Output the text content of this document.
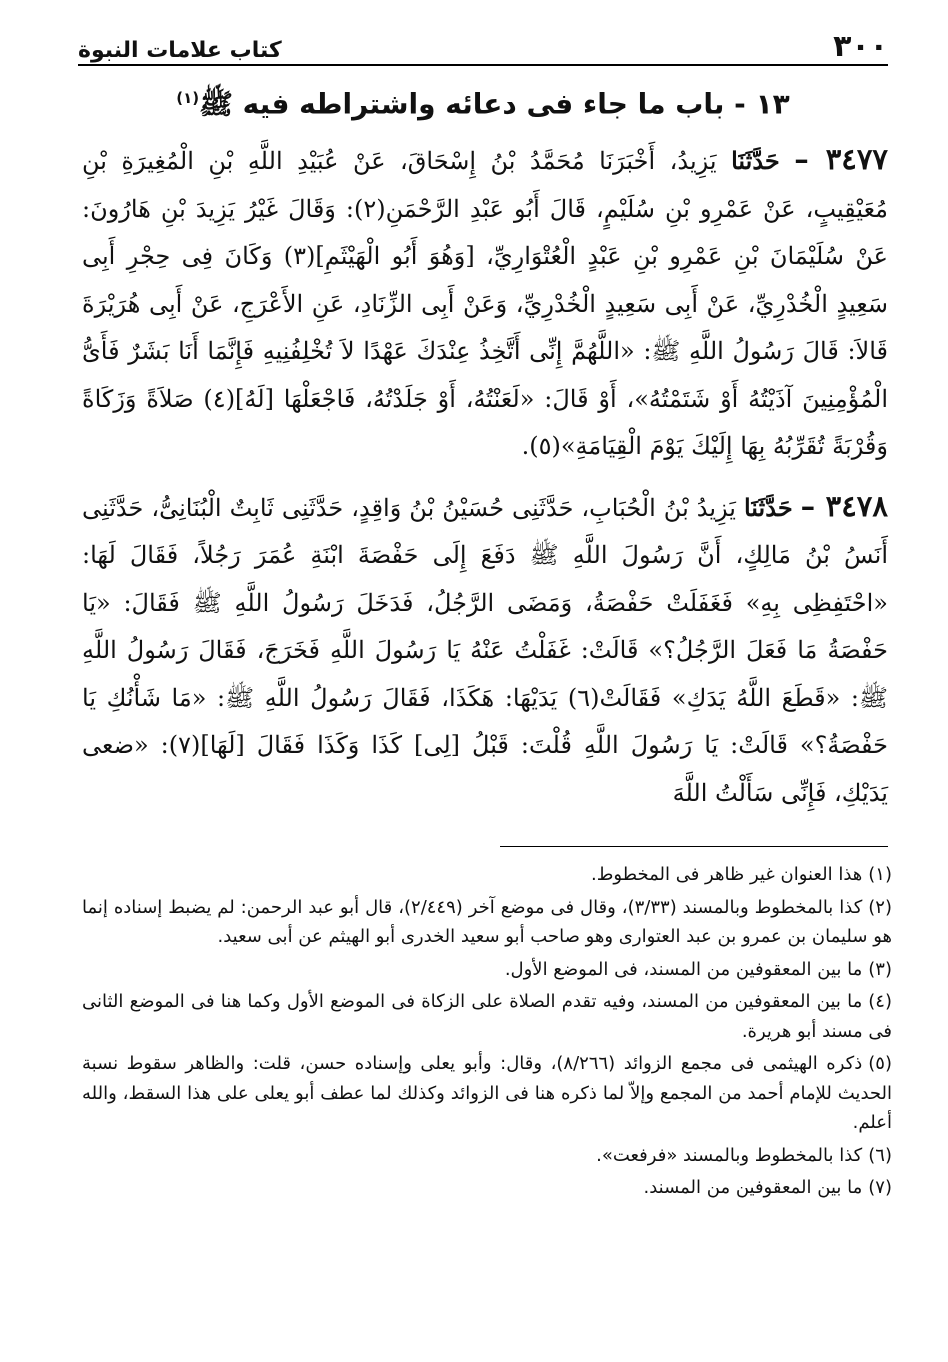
٣٠٠
كتاب علامات النبوة
١٣ - باب ما جاء فى دعائه واشتراطه فيه ﷺ$^{(١)}$

٣٤٧٧ – حَدَّثَنَا يَزِيدُ، أَخْبَرَنَا مُحَمَّدُ بْنُ إِسْحَاقَ، عَنْ عُبَيْدِ اللَّهِ بْنِ الْمُغِيرَةِ بْنِ مُعَيْقِيبٍ، عَنْ عَمْرِو بْنِ سُلَيْمٍ، قَالَ أَبُو عَبْدِ الرَّحْمَنِ(٢): وَقَالَ غَيْرُ يَزِيدَ بْنِ هَارُونَ: عَنْ سُلَيْمَانَ بْنِ عَمْرِو بْنِ عَبْدٍ الْعُتْوَارِيِّ، [وَهُوَ أَبُو الْهَيْثَمِ](٣) وَكَانَ فِى حِجْرِ أَبِى سَعِيدٍ الْخُدْرِيِّ، عَنْ أَبِى سَعِيدٍ الْخُدْرِيِّ، وَعَنْ أَبِى الزِّنَادِ، عَنِ الأَعْرَجِ، عَنْ أَبِى هُرَيْرَةَ قَالاَ: قَالَ رَسُولُ اللَّهِ ﷺ: «اللَّهُمَّ إِنِّى أَتَّخِذُ عِنْدَكَ عَهْدًا لاَ تُخْلِفُنِيهِ فَإِنَّمَا أَنَا بَشَرٌ فَأَىُّ الْمُؤْمِنِينَ آذَيْتُهُ أَوْ شَتَمْتُهُ»، أَوْ قَالَ: «لَعَنْتُهُ، أَوْ جَلَدْتُهُ، فَاجْعَلْهَا [لَهُ](٤) صَلاَةً وَزَكَاةً وَقُرْبَةً تُقَرِّبُهُ بِهَا إِلَيْكَ يَوْمَ الْقِيَامَةِ»(٥).

٣٤٧٨ – حَدَّثَنَا يَزِيدُ بْنُ الْحُبَابِ، حَدَّثَنِى حُسَيْنُ بْنُ وَاقِدٍ، حَدَّثَنِى ثَابِتٌ الْبُنَانِىُّ، حَدَّثَنِى أَنَسُ بْنُ مَالِكٍ، أَنَّ رَسُولَ اللَّهِ ﷺ دَفَعَ إِلَى حَفْصَةَ ابْنَةِ عُمَرَ رَجُلاً، فَقَالَ لَهَا: «احْتَفِظِى بِهِ» فَغَفَلَتْ حَفْصَةُ، وَمَضَى الرَّجُلُ، فَدَخَلَ رَسُولُ اللَّهِ ﷺ فَقَالَ: «يَا حَفْصَةُ مَا فَعَلَ الرَّجُلُ؟» قَالَتْ: غَفَلْتُ عَنْهُ يَا رَسُولَ اللَّهِ فَخَرَجَ، فَقَالَ رَسُولُ اللَّهِ ﷺ: «قَطَعَ اللَّهُ يَدَكِ» فَقَالَتْ(٦) يَدَيْهَا: هَكَذَا، فَقَالَ رَسُولُ اللَّهِ ﷺ: «مَا شَأْنُكِ يَا حَفْصَةُ؟» قَالَتْ: يَا رَسُولَ اللَّهِ قُلْتَ: قَبْلُ [لِى] كَذَا وَكَذَا فَقَالَ [لَهَا](٧): «ضعى يَدَيْكِ، فَإِنِّى سَأَلْتُ اللَّهَ

(١)هذا العنوان غير ظاهر فى المخطوط.

(٢)كذا بالمخطوط وبالمسند (٣/٣٣)، وقال فى موضع آخر (٢/٤٤٩)، قال أبو عبد الرحمن: لم يضبط إسناده إنما هو سليمان بن عمرو بن عبد العتوارى وهو صاحب أبو سعيد الخدرى أبو الهيثم عن أبى سعيد.

(٣)ما بين المعقوفين من المسند، فى الموضع الأول.

(٤)ما بين المعقوفين من المسند، وفيه تقدم الصلاة على الزكاة فى الموضع الأول وكما هنا فى الموضع الثانى فى مسند أبو هريرة.

(٥)ذكره الهيثمى فى مجمع الزوائد (٨/٢٦٦)، وقال: وأبو يعلى وإسناده حسن، قلت: والظاهر سقوط نسبة الحديث للإمام أحمد من المجمع وإلاّ لما ذكره هنا فى الزوائد وكذلك لما عطف أبو يعلى على هذا السقط، والله أعلم.

(٦)كذا بالمخطوط وبالمسند «فرفعت».

(٧)ما بين المعقوفين من المسند.
